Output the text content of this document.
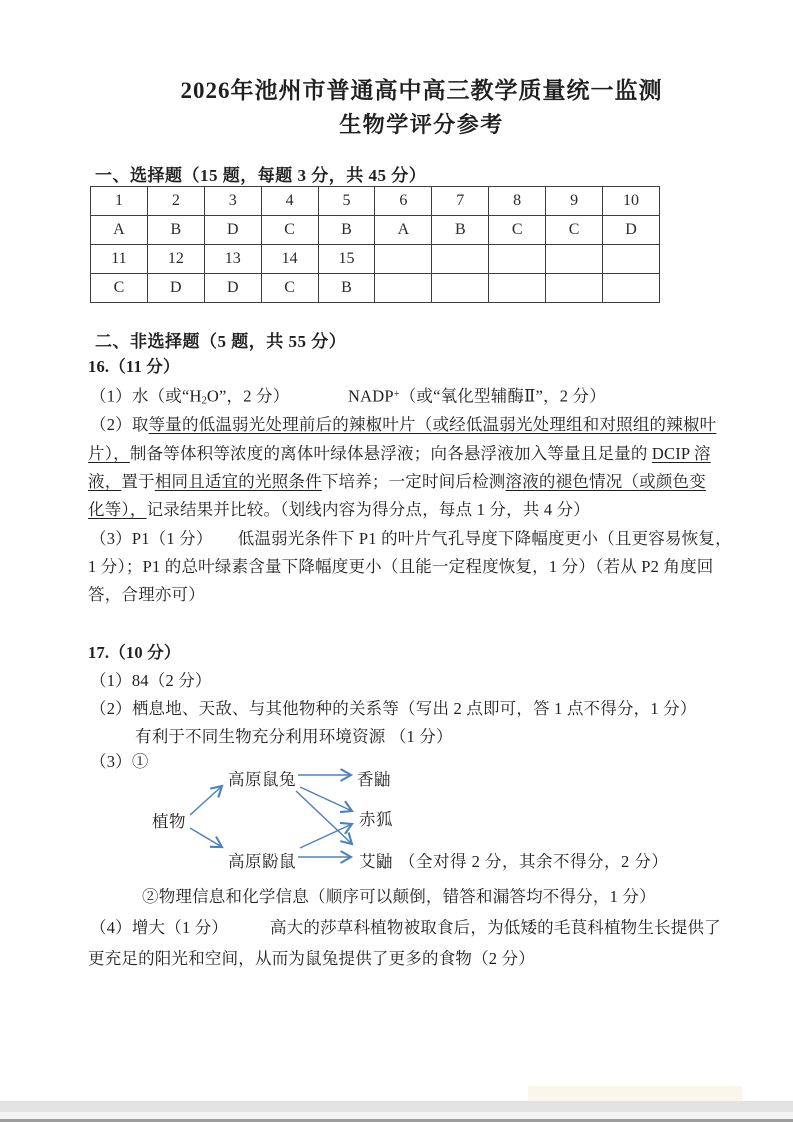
2026年池州市普通高中高三教学质量统一监测
生物学评分参考
一、选择题（15 题，每题 3 分，共 45 分）
1	2	3	4	5	6	7	8	9	10
A	B	D	C	B	A	B	C	C	D
11	12	13	14	15					
C	D	D	C	B					
二、非选择题（5 题，共 55 分）
16.（11 分）
（1）水（或“$H_2O$”，2 分）　　　　	NADP+（或“氧化型辅酶Ⅱ”，2 分）
（2）取等量的低温弱光处理前后的辣椒叶片（或经低温弱光处理组和对照组的辣椒叶
片），制备等体积等浓度的离体叶绿体悬浮液；向各悬浮液加入等量且足量的 DCIP 溶
液，置于相同且适宜的光照条件下培养；一定时间后检测溶液的褪色情况（或颜色变
化等），记录结果并比较。（划线内容为得分点，每点 1 分，共 4 分）
（3）P1（1 分）　　低温弱光条件下 P1 的叶片气孔导度下降幅度更小（且更容易恢复，
1 分）；P1 的总叶绿素含量下降幅度更小（且能一定程度恢复，1 分）（若从 P2 角度回
答，合理亦可）
17.（10 分）
（1）84（2 分）
（2）栖息地、天敌、与其他物种的关系等（写出 2 点即可，答 1 点不得分，1 分）
有利于不同生物充分利用环境资源 （1 分）
（3）①
植物
高原鼠兔	香鼬
赤狐
高原鼢鼠	艾鼬 （全对得 2 分，其余不得分，2 分）
②物理信息和化学信息（顺序可以颠倒，错答和漏答均不得分，1 分）
（4）增大（1 分）　　　高大的莎草科植物被取食后，为低矮的毛茛科植物生长提供了
更充足的阳光和空间，从而为鼠兔提供了更多的食物（2 分）
